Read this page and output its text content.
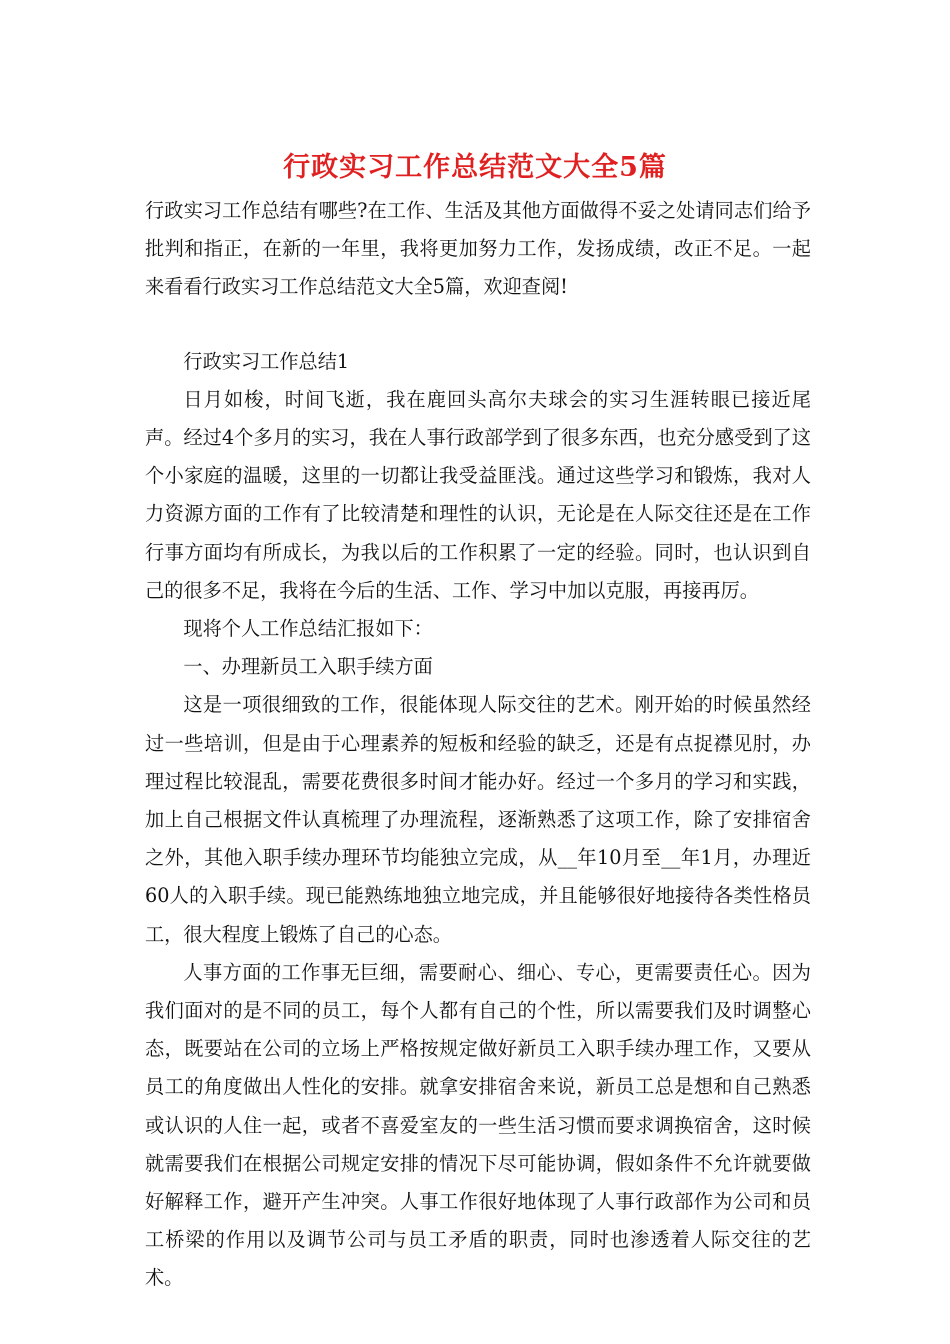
行政实习工作总结范文大全5篇

行政实习工作总结有哪些?在工作、生活及其他方面做得不妥之处请同志们给予批判和指正，在新的一年里，我将更加努力工作，发扬成绩，改正不足。一起来看看行政实习工作总结范文大全5篇，欢迎查阅!

行政实习工作总结1

日月如梭，时间飞逝，我在鹿回头高尔夫球会的实习生涯转眼已接近尾声。经过4个多月的实习，我在人事行政部学到了很多东西，也充分感受到了这个小家庭的温暖，这里的一切都让我受益匪浅。通过这些学习和锻炼，我对人力资源方面的工作有了比较清楚和理性的认识，无论是在人际交往还是在工作行事方面均有所成长，为我以后的工作积累了一定的经验。同时，也认识到自己的很多不足，我将在今后的生活、工作、学习中加以克服，再接再厉。

现将个人工作总结汇报如下：

一、办理新员工入职手续方面

这是一项很细致的工作，很能体现人际交往的艺术。刚开始的时候虽然经过一些培训，但是由于心理素养的短板和经验的缺乏，还是有点捉襟见肘，办理过程比较混乱，需要花费很多时间才能办好。经过一个多月的学习和实践，加上自己根据文件认真梳理了办理流程，逐渐熟悉了这项工作，除了安排宿舍之外，其他入职手续办理环节均能独立完成，从__年10月至__年1月，办理近60人的入职手续。现已能熟练地独立地完成，并且能够很好地接待各类性格员工，很大程度上锻炼了自己的心态。

人事方面的工作事无巨细，需要耐心、细心、专心，更需要责任心。因为我们面对的是不同的员工，每个人都有自己的个性，所以需要我们及时调整心态，既要站在公司的立场上严格按规定做好新员工入职手续办理工作，又要从员工的角度做出人性化的安排。就拿安排宿舍来说，新员工总是想和自己熟悉或认识的人住一起，或者不喜爱室友的一些生活习惯而要求调换宿舍，这时候就需要我们在根据公司规定安排的情况下尽可能协调，假如条件不允许就要做好解释工作，避开产生冲突。人事工作很好地体现了人事行政部作为公司和员工桥梁的作用以及调节公司与员工矛盾的职责，同时也渗透着人际交往的艺术。
